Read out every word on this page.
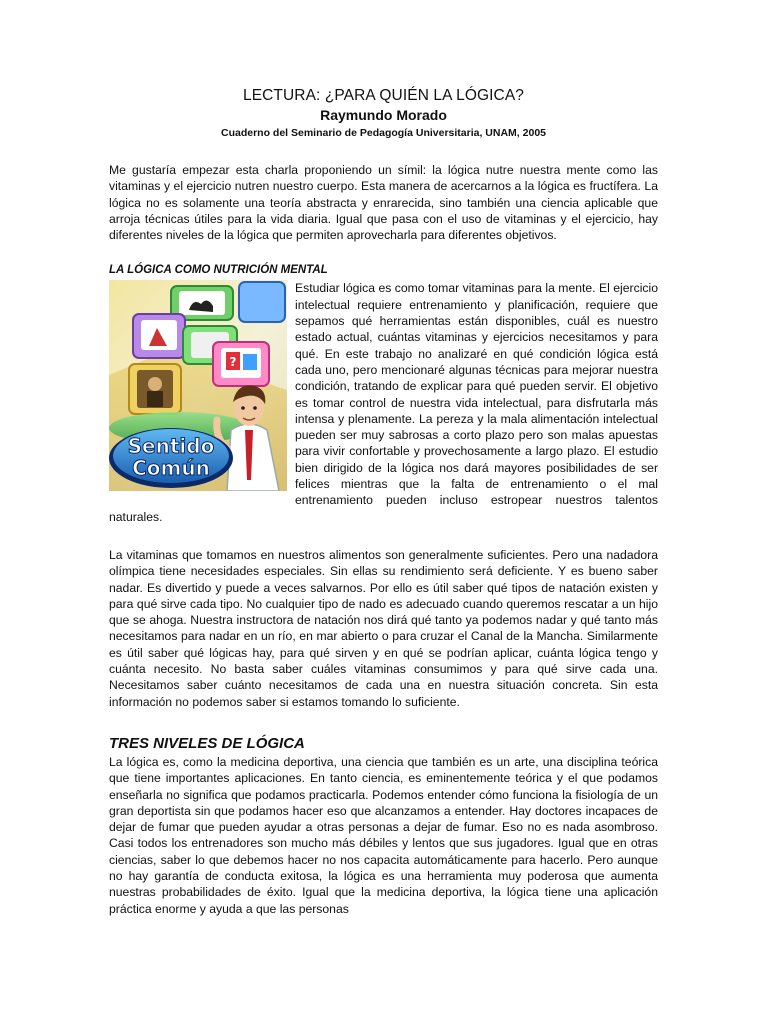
LECTURA: ¿PARA QUIÉN LA LÓGICA?
Raymundo Morado

Cuaderno del Seminario de Pedagogía Universitaria, UNAM, 2005

Me gustaría empezar esta charla proponiendo un símil: la lógica nutre nuestra mente como las vitaminas y el ejercicio nutren nuestro cuerpo. Esta manera de acercarnos a la lógica es fructífera. La lógica no es solamente una teoría abstracta y enrarecida, sino también una ciencia aplicable que arroja técnicas útiles para la vida diaria. Igual que pasa con el uso de vitaminas y el ejercicio, hay diferentes niveles de la lógica que permiten aprovecharla para diferentes objetivos.

LA LÓGICA COMO NUTRICIÓN MENTAL
?
Sentido
Común

Estudiar lógica es como tomar vitaminas para la mente. El ejercicio intelectual requiere entrenamiento y planificación, requiere que sepamos qué herramientas están disponibles, cuál es nuestro estado actual, cuántas vitaminas y ejercicios necesitamos y para qué. En este trabajo no analizaré en qué condición lógica está cada uno, pero mencionaré algunas técnicas para mejorar nuestra condición, tratando de explicar para qué pueden servir. El objetivo es tomar control de nuestra vida intelectual, para disfrutarla más intensa y plenamente. La pereza y la mala alimentación intelectual pueden ser muy sabrosas a corto plazo pero son malas apuestas para vivir confortable y provechosamente a largo plazo. El estudio bien dirigido de la lógica nos dará mayores posibilidades de ser felices mientras que la falta de entrenamiento o el mal entrenamiento pueden incluso estropear nuestros talentos naturales.

La vitaminas que tomamos en nuestros alimentos son generalmente suficientes. Pero una nadadora olímpica tiene necesidades especiales. Sin ellas su rendimiento será deficiente. Y es bueno saber nadar. Es divertido y puede a veces salvarnos. Por ello es útil saber qué tipos de natación existen y para qué sirve cada tipo. No cualquier tipo de nado es adecuado cuando queremos rescatar a un hijo que se ahoga. Nuestra instructora de natación nos dirá qué tanto ya podemos nadar y qué tanto más necesitamos para nadar en un río, en mar abierto o para cruzar el Canal de la Mancha. Similarmente es útil saber qué lógicas hay, para qué sirven y en qué se podrían aplicar, cuánta lógica tengo y cuánta necesito. No basta saber cuáles vitaminas consumimos y para qué sirve cada una. Necesitamos saber cuánto necesitamos de cada una en nuestra situación concreta. Sin esta información no podemos saber si estamos tomando lo suficiente.

TRES NIVELES DE LÓGICA

La lógica es, como la medicina deportiva, una ciencia que también es un arte, una disciplina teórica que tiene importantes aplicaciones. En tanto ciencia, es eminentemente teórica y el que podamos enseñarla no significa que podamos practicarla. Podemos entender cómo funciona la fisiología de un gran deportista sin que podamos hacer eso que alcanzamos a entender. Hay doctores incapaces de dejar de fumar que pueden ayudar a otras personas a dejar de fumar. Eso no es nada asombroso. Casi todos los entrenadores son mucho más débiles y lentos que sus jugadores. Igual que en otras ciencias, saber lo que debemos hacer no nos capacita automáticamente para hacerlo. Pero aunque no hay garantía de conducta exitosa, la lógica es una herramienta muy poderosa que aumenta nuestras probabilidades de éxito. Igual que la medicina deportiva, la lógica tiene una aplicación práctica enorme y ayuda a que las personas
